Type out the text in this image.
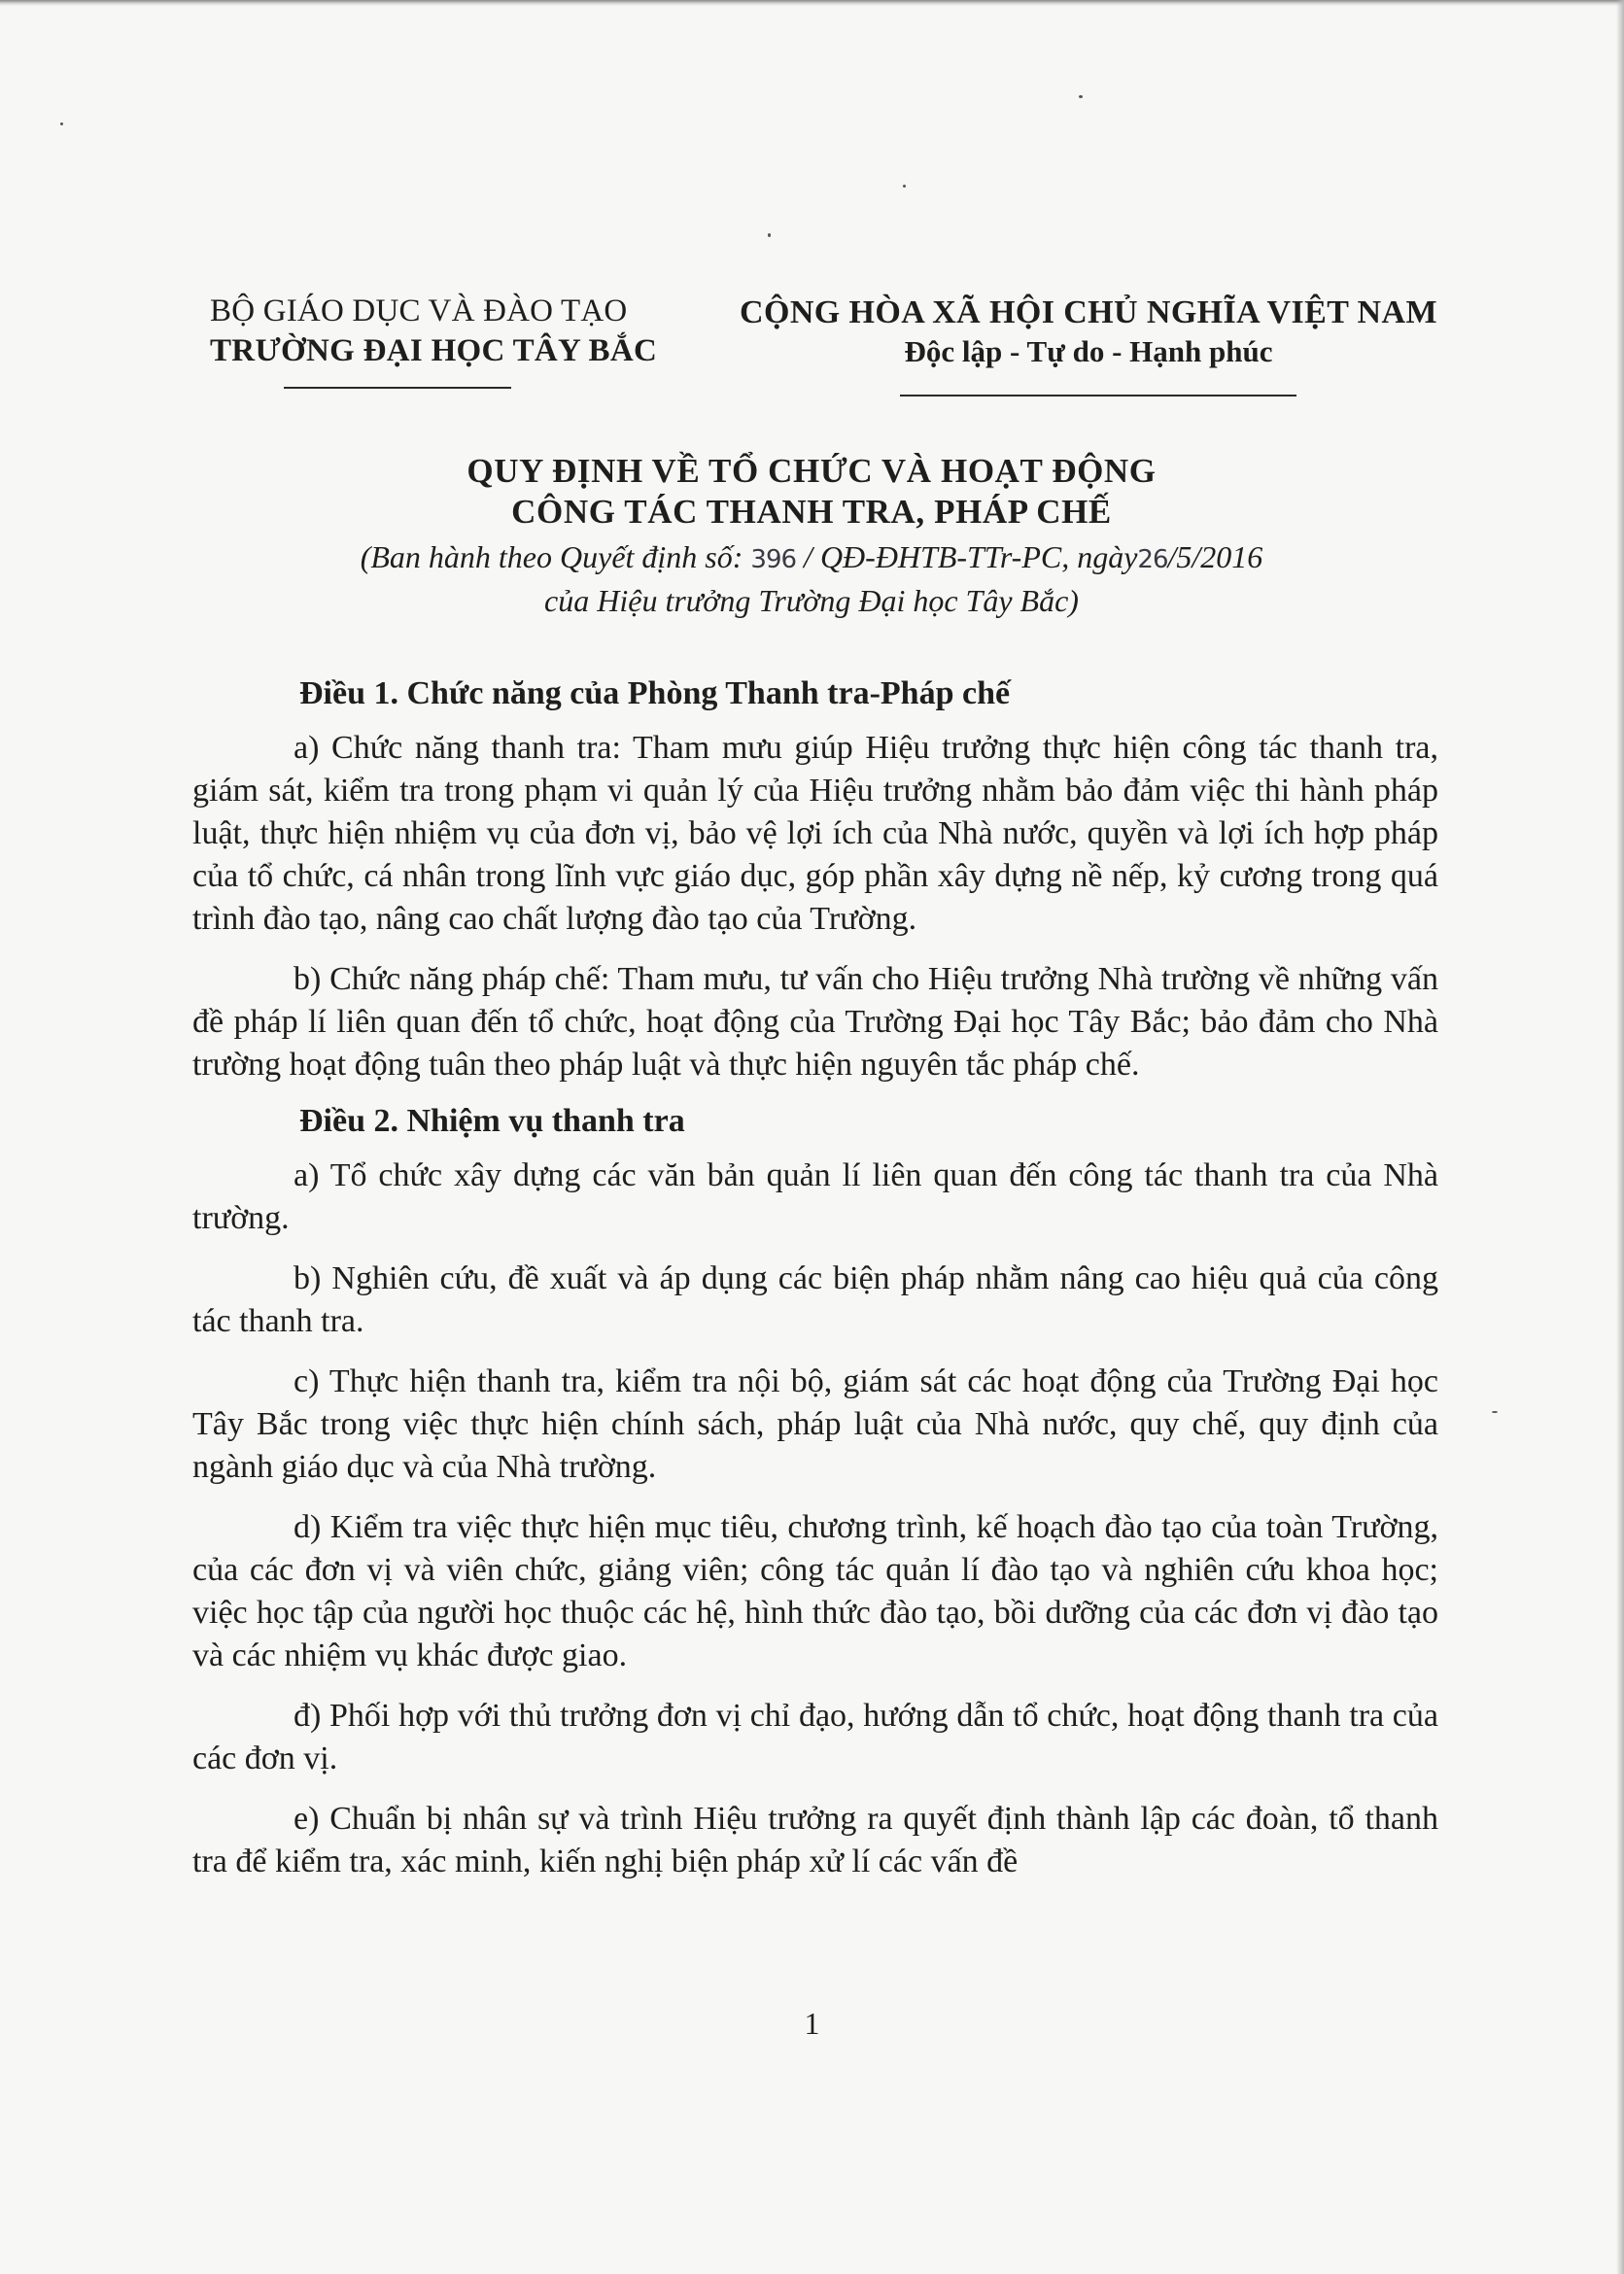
BỘ GIÁO DỤC VÀ ĐÀO TẠO
TRƯỜNG ĐẠI HỌC TÂY BẮC
CỘNG HÒA XÃ HỘI CHỦ NGHĨA VIỆT NAM
Độc lập - Tự do - Hạnh phúc
QUY ĐỊNH VỀ TỔ CHỨC VÀ HOẠT ĐỘNG
CÔNG TÁC THANH TRA, PHÁP CHẾ
(Ban hành theo Quyết định số: 396 / QĐ-ĐHTB-TTr-PC, ngày26/5/2016
của Hiệu trưởng Trường Đại học Tây Bắc)
Điều 1. Chức năng của Phòng Thanh tra-Pháp chế

a) Chức năng thanh tra: Tham mưu giúp Hiệu trưởng thực hiện công tác thanh tra, giám sát, kiểm tra trong phạm vi quản lý của Hiệu trưởng nhằm bảo đảm việc thi hành pháp luật, thực hiện nhiệm vụ của đơn vị, bảo vệ lợi ích của Nhà nước, quyền và lợi ích hợp pháp của tổ chức, cá nhân trong lĩnh vực giáo dục, góp phần xây dựng nề nếp, kỷ cương trong quá trình đào tạo, nâng cao chất lượng đào tạo của Trường.

b) Chức năng pháp chế: Tham mưu, tư vấn cho Hiệu trưởng Nhà trường về những vấn đề pháp lí liên quan đến tổ chức, hoạt động của Trường Đại học Tây Bắc; bảo đảm cho Nhà trường hoạt động tuân theo pháp luật và thực hiện nguyên tắc pháp chế.

Điều 2. Nhiệm vụ thanh tra

a) Tổ chức xây dựng các văn bản quản lí liên quan đến công tác thanh tra của Nhà trường.

b) Nghiên cứu, đề xuất và áp dụng các biện pháp nhằm nâng cao hiệu quả của công tác thanh tra.

c) Thực hiện thanh tra, kiểm tra nội bộ, giám sát các hoạt động của Trường Đại học Tây Bắc trong việc thực hiện chính sách, pháp luật của Nhà nước, quy chế, quy định của ngành giáo dục và của Nhà trường.

d) Kiểm tra việc thực hiện mục tiêu, chương trình, kế hoạch đào tạo của toàn Trường, của các đơn vị và viên chức, giảng viên; công tác quản lí đào tạo và nghiên cứu khoa học; việc học tập của người học thuộc các hệ, hình thức đào tạo, bồi dưỡng của các đơn vị đào tạo và các nhiệm vụ khác được giao.

đ) Phối hợp với thủ trưởng đơn vị chỉ đạo, hướng dẫn tổ chức, hoạt động thanh tra của các đơn vị.

e) Chuẩn bị nhân sự và trình Hiệu trưởng ra quyết định thành lập các đoàn, tổ thanh tra để kiểm tra, xác minh, kiến nghị biện pháp xử lí các vấn đề

1
